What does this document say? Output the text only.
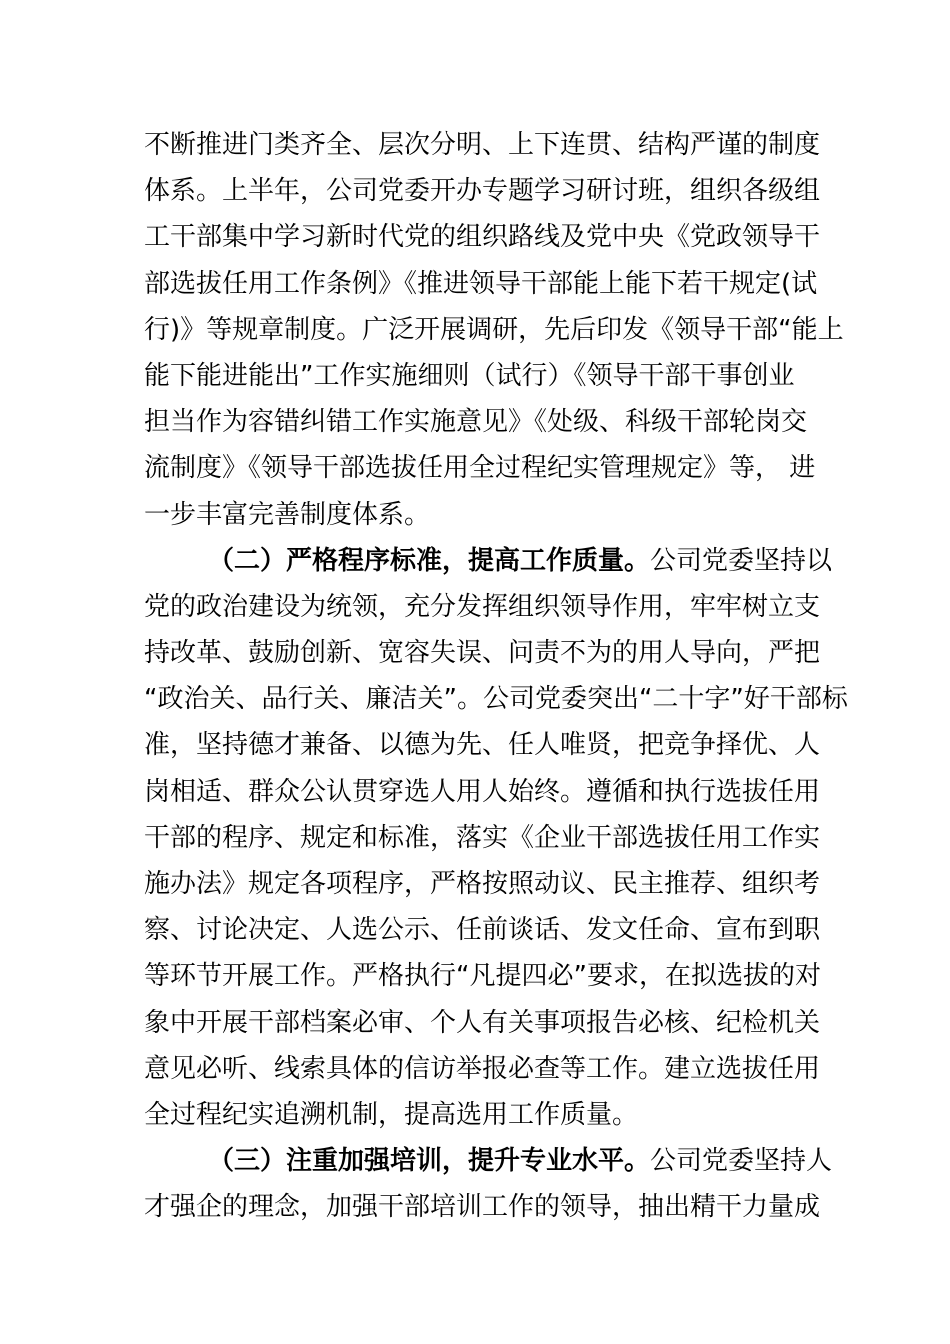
不断推进门类齐全、层次分明、上下连贯、结构严谨的制度
体系。上半年，公司党委开办专题学习研讨班，组织各级组
工干部集中学习新时代党的组织路线及党中央《党政领导干
部选拔任用工作条例》《推进领导干部能上能下若干规定(试
行)》等规章制度。广泛开展调研，先后印发《领导干部“能上
能下能进能出”工作实施细则（试行）《领导干部干事创业
担当作为容错纠错工作实施意见》《处级、科级干部轮岗交
流制度》《领导干部选拔任用全过程纪实管理规定》等， 进
一步丰富完善制度体系。
（二）严格程序标准，提高工作质量。公司党委坚持以
党的政治建设为统领，充分发挥组织领导作用，牢牢树立支
持改革、鼓励创新、宽容失误、问责不为的用人导向，严把
“政治关、品行关、廉洁关”。公司党委突出“二十字”好干部标
准，坚持德才兼备、以德为先、任人唯贤，把竞争择优、人
岗相适、群众公认贯穿选人用人始终。遵循和执行选拔任用
干部的程序、规定和标准，落实《企业干部选拔任用工作实
施办法》规定各项程序，严格按照动议、民主推荐、组织考
察、讨论决定、人选公示、任前谈话、发文任命、宣布到职
等环节开展工作。严格执行“凡提四必”要求，在拟选拔的对
象中开展干部档案必审、个人有关事项报告必核、纪检机关
意见必听、线索具体的信访举报必查等工作。建立选拔任用
全过程纪实追溯机制，提高选用工作质量。
（三）注重加强培训，提升专业水平。公司党委坚持人
才强企的理念，加强干部培训工作的领导，抽出精干力量成
